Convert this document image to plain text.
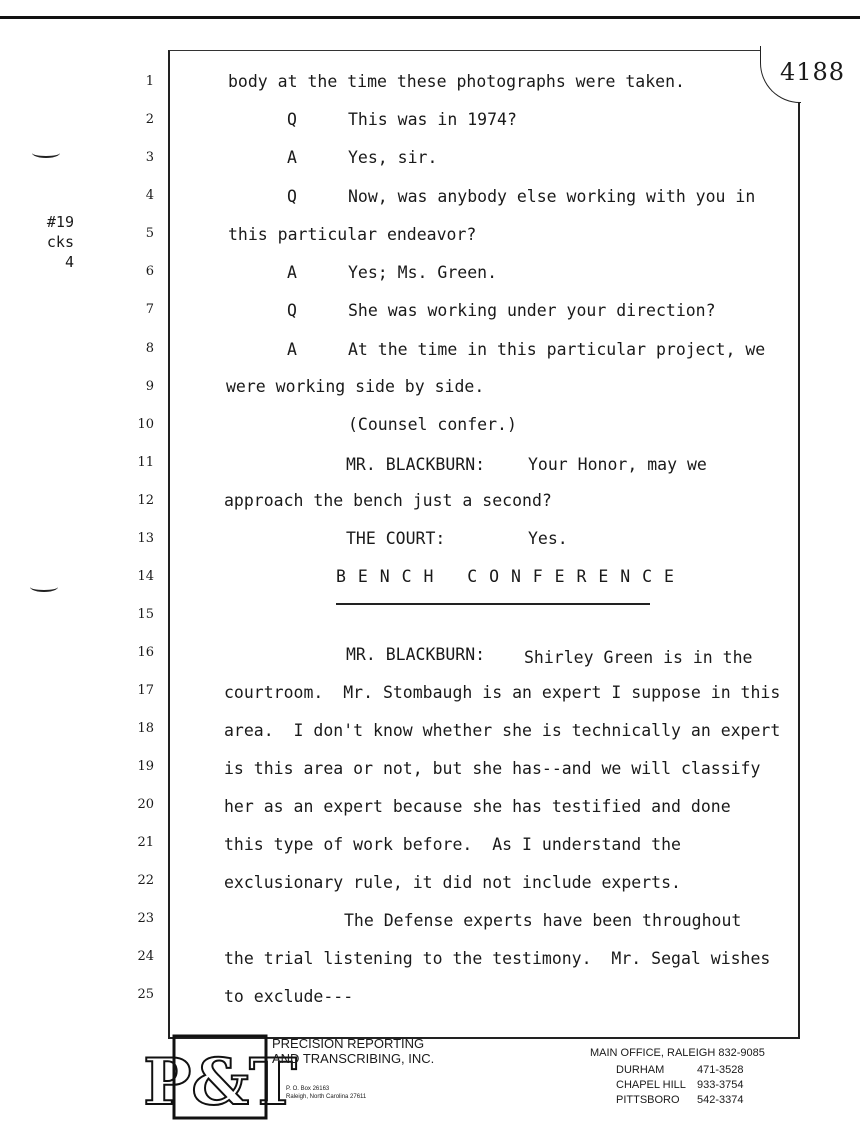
4188
#19
cks
4
1
2
3
4
5
6
7
8
9
10
11
12
13
14
15
16
17
18
19
20
21
22
23
24
25
body at the time these photographs were taken.
Q	This was in 1974?
A	Yes, sir.
Q	Now, was anybody else working with you in
this particular endeavor?
A	Yes; Ms. Green.
Q	She was working under your direction?
A	At the time in this particular project, we
were working side by side.
(Counsel confer.)
MR. BLACKBURN:	Your Honor, may we
approach the bench just a second?
THE COURT:	Yes.
B E N C H   C O N F E R E N C E
MR. BLACKBURN: Shirley Green is in the
courtroom.  Mr. Stombaugh is an expert I suppose in this
area.  I don't know whether she is technically an expert
is this area or not, but she has--and we will classify
her as an expert because she has testified and done
this type of work before.  As I understand the
exclusionary rule, it did not include experts.
The Defense experts have been throughout
the trial listening to the testimony.  Mr. Segal wishes
to exclude---
P&T
PRECISION REPORTING
AND TRANSCRIBING, INC.
P. O. Box 26163
Raleigh, North Carolina 27611
MAIN OFFICE, RALEIGH 832-9085
DURHAM	471-3528
CHAPEL HILL 933-3754
PITTSBORO 542-3374
